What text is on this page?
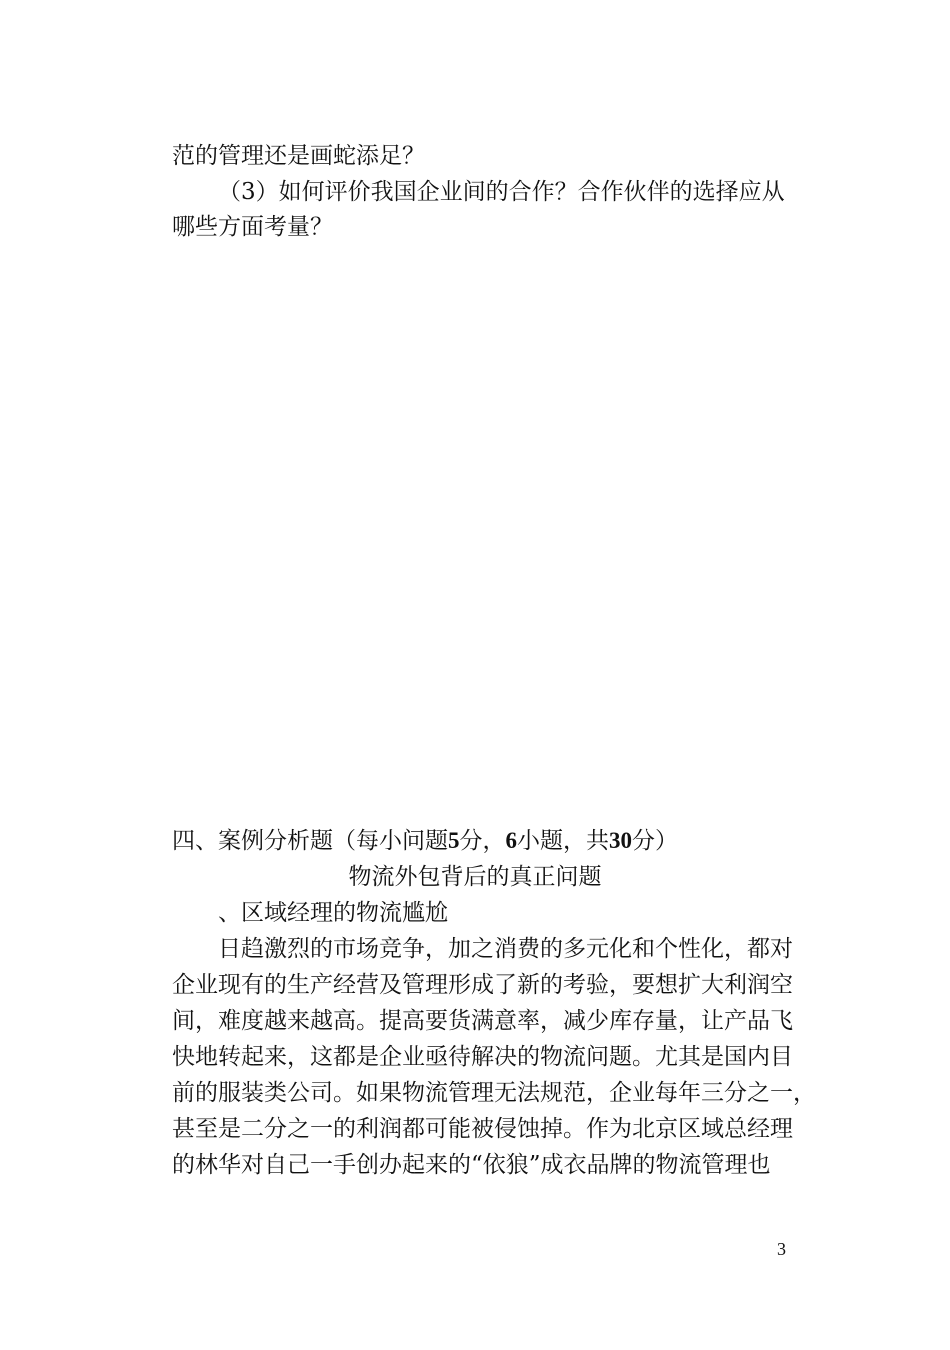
范的管理还是画蛇添足？
（3）如何评价我国企业间的合作？合作伙伴的选择应从
哪些方面考量？
四、案例分析题（每小问题5分，6小题，共30分）
物流外包背后的真正问题
、区域经理的物流尴尬
日趋激烈的市场竞争，加之消费的多元化和个性化，都对
企业现有的生产经营及管理形成了新的考验，要想扩大利润空
间，难度越来越高。提高要货满意率，减少库存量，让产品飞
快地转起来，这都是企业亟待解决的物流问题。尤其是国内目
前的服装类公司。如果物流管理无法规范，企业每年三分之一，
甚至是二分之一的利润都可能被侵蚀掉。作为北京区域总经理
的林华对自己一手创办起来的“依狼”成衣品牌的物流管理也
3
